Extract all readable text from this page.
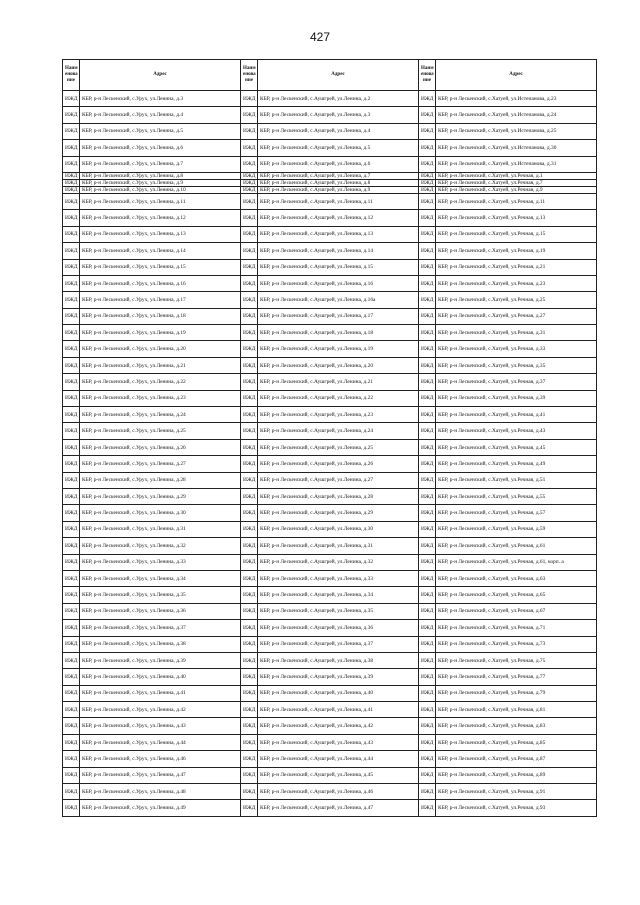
427
Наим енова ние	Адрес
ИЖД	КБР, р-н Лескенский, с.Урух, ул.Ленина, д.3
ИЖД	КБР, р-н Лескенский, с.Урух, ул.Ленина, д.4
ИЖД	КБР, р-н Лескенский, с.Урух, ул.Ленина, д.5
ИЖД	КБР, р-н Лескенский, с.Урух, ул.Ленина, д.6
ИЖД	КБР, р-н Лескенский, с.Урух, ул.Ленина, д.7
ИЖД	КБР, р-н Лескенский, с.Урух, ул.Ленина, д.8
ИЖД	КБР, р-н Лескенский, с.Урух, ул.Ленина, д.9
ИЖД	КБР, р-н Лескенский, с.Урух, ул.Ленина, д.10
ИЖД	КБР, р-н Лескенский, с.Урух, ул.Ленина, д.11
ИЖД	КБР, р-н Лескенский, с.Урух, ул.Ленина, д.12
ИЖД	КБР, р-н Лескенский, с.Урух, ул.Ленина, д.13
ИЖД	КБР, р-н Лескенский, с.Урух, ул.Ленина, д.14
ИЖД	КБР, р-н Лескенский, с.Урух, ул.Ленина, д.15
ИЖД	КБР, р-н Лескенский, с.Урух, ул.Ленина, д.16
ИЖД	КБР, р-н Лескенский, с.Урух, ул.Ленина, д.17
ИЖД	КБР, р-н Лескенский, с.Урух, ул.Ленина, д.18
ИЖД	КБР, р-н Лескенский, с.Урух, ул.Ленина, д.19
ИЖД	КБР, р-н Лескенский, с.Урух, ул.Ленина, д.20
ИЖД	КБР, р-н Лескенский, с.Урух, ул.Ленина, д.21
ИЖД	КБР, р-н Лескенский, с.Урух, ул.Ленина, д.22
ИЖД	КБР, р-н Лескенский, с.Урух, ул.Ленина, д.23
ИЖД	КБР, р-н Лескенский, с.Урух, ул.Ленина, д.24
ИЖД	КБР, р-н Лескенский, с.Урух, ул.Ленина, д.25
ИЖД	КБР, р-н Лескенский, с.Урух, ул.Ленина, д.26
ИЖД	КБР, р-н Лескенский, с.Урух, ул.Ленина, д.27
ИЖД	КБР, р-н Лескенский, с.Урух, ул.Ленина, д.28
ИЖД	КБР, р-н Лескенский, с.Урух, ул.Ленина, д.29
ИЖД	КБР, р-н Лескенский, с.Урух, ул.Ленина, д.30
ИЖД	КБР, р-н Лескенский, с.Урух, ул.Ленина, д.31
ИЖД	КБР, р-н Лескенский, с.Урух, ул.Ленина, д.32
ИЖД	КБР, р-н Лескенский, с.Урух, ул.Ленина, д.33
ИЖД	КБР, р-н Лескенский, с.Урух, ул.Ленина, д.34
ИЖД	КБР, р-н Лескенский, с.Урух, ул.Ленина, д.35
ИЖД	КБР, р-н Лескенский, с.Урух, ул.Ленина, д.36
ИЖД	КБР, р-н Лескенский, с.Урух, ул.Ленина, д.37
ИЖД	КБР, р-н Лескенский, с.Урух, ул.Ленина, д.38
ИЖД	КБР, р-н Лескенский, с.Урух, ул.Ленина, д.39
ИЖД	КБР, р-н Лескенский, с.Урух, ул.Ленина, д.40
ИЖД	КБР, р-н Лескенский, с.Урух, ул.Ленина, д.41
ИЖД	КБР, р-н Лескенский, с.Урух, ул.Ленина, д.42
ИЖД	КБР, р-н Лескенский, с.Урух, ул.Ленина, д.43
ИЖД	КБР, р-н Лескенский, с.Урух, ул.Ленина, д.44
ИЖД	КБР, р-н Лескенский, с.Урух, ул.Ленина, д.46
ИЖД	КБР, р-н Лескенский, с.Урух, ул.Ленина, д.47
ИЖД	КБР, р-н Лескенский, с.Урух, ул.Ленина, д.48
ИЖД	КБР, р-н Лескенский, с.Урух, ул.Ленина, д.49
Наим енова ние	Адрес
ИЖД	КБР, р-н Лескенский, с.Аушгрей, ул.Ленина, д.2
ИЖД	КБР, р-н Лескенский, с.Аушгрей, ул.Ленина, д.3
ИЖД	КБР, р-н Лескенский, с.Аушгрей, ул.Ленина, д.4
ИЖД	КБР, р-н Лескенский, с.Аушгрей, ул.Ленина, д.5
ИЖД	КБР, р-н Лескенский, с.Аушгрей, ул.Ленина, д.6
ИЖД	КБР, р-н Лескенский, с.Аушгрей, ул.Ленина, д.7
ИЖД	КБР, р-н Лескенский, с.Аушгрей, ул.Ленина, д.8
ИЖД	КБР, р-н Лескенский, с.Аушгрей, ул.Ленина, д.9
ИЖД	КБР, р-н Лескенский, с.Аушгрей, ул.Ленина, д.11
ИЖД	КБР, р-н Лескенский, с.Аушгрей, ул.Ленина, д.12
ИЖД	КБР, р-н Лескенский, с.Аушгрей, ул.Ленина, д.13
ИЖД	КБР, р-н Лескенский, с.Аушгрей, ул.Ленина, д.14
ИЖД	КБР, р-н Лескенский, с.Аушгрей, ул.Ленина, д.15
ИЖД	КБР, р-н Лескенский, с.Аушгрей, ул.Ленина, д.16
ИЖД	КБР, р-н Лескенский, с.Аушгрей, ул.Ленина, д.16а
ИЖД	КБР, р-н Лескенский, с.Аушгрей, ул.Ленина, д.17
ИЖД	КБР, р-н Лескенский, с.Аушгрей, ул.Ленина, д.18
ИЖД	КБР, р-н Лескенский, с.Аушгрей, ул.Ленина, д.19
ИЖД	КБР, р-н Лескенский, с.Аушгрей, ул.Ленина, д.20
ИЖД	КБР, р-н Лескенский, с.Аушгрей, ул.Ленина, д.21
ИЖД	КБР, р-н Лескенский, с.Аушгрей, ул.Ленина, д.22
ИЖД	КБР, р-н Лескенский, с.Аушгрей, ул.Ленина, д.23
ИЖД	КБР, р-н Лескенский, с.Аушгрей, ул.Ленина, д.24
ИЖД	КБР, р-н Лескенский, с.Аушгрей, ул.Ленина, д.25
ИЖД	КБР, р-н Лескенский, с.Аушгрей, ул.Ленина, д.26
ИЖД	КБР, р-н Лескенский, с.Аушгрей, ул.Ленина, д.27
ИЖД	КБР, р-н Лескенский, с.Аушгрей, ул.Ленина, д.28
ИЖД	КБР, р-н Лескенский, с.Аушгрей, ул.Ленина, д.29
ИЖД	КБР, р-н Лескенский, с.Аушгрей, ул.Ленина, д.30
ИЖД	КБР, р-н Лескенский, с.Аушгрей, ул.Ленина, д.31
ИЖД	КБР, р-н Лескенский, с.Аушгрей, ул.Ленина, д.32
ИЖД	КБР, р-н Лескенский, с.Аушгрей, ул.Ленина, д.33
ИЖД	КБР, р-н Лескенский, с.Аушгрей, ул.Ленина, д.34
ИЖД	КБР, р-н Лескенский, с.Аушгрей, ул.Ленина, д.35
ИЖД	КБР, р-н Лескенский, с.Аушгрей, ул.Ленина, д.36
ИЖД	КБР, р-н Лескенский, с.Аушгрей, ул.Ленина, д.37
ИЖД	КБР, р-н Лескенский, с.Аушгрей, ул.Ленина, д.38
ИЖД	КБР, р-н Лескенский, с.Аушгрей, ул.Ленина, д.39
ИЖД	КБР, р-н Лескенский, с.Аушгрей, ул.Ленина, д.40
ИЖД	КБР, р-н Лескенский, с.Аушгрей, ул.Ленина, д.41
ИЖД	КБР, р-н Лескенский, с.Аушгрей, ул.Ленина, д.42
ИЖД	КБР, р-н Лескенский, с.Аушгрей, ул.Ленина, д.43
ИЖД	КБР, р-н Лескенский, с.Аушгрей, ул.Ленина, д.44
ИЖД	КБР, р-н Лескенский, с.Аушгрей, ул.Ленина, д.45
ИЖД	КБР, р-н Лескенский, с.Аушгрей, ул.Ленина, д.46
ИЖД	КБР, р-н Лескенский, с.Аушгрей, ул.Ленина, д.47
Наим енова ние	Адрес
ИЖД	КБР, р-н Лескенский, с.Хатуей, ул.Истепанова, д.23
ИЖД	КБР, р-н Лескенский, с.Хатуей, ул.Истепанова, д.24
ИЖД	КБР, р-н Лескенский, с.Хатуей, ул.Истепанова, д.25
ИЖД	КБР, р-н Лескенский, с.Хатуей, ул.Истепанова, д.30
ИЖД	КБР, р-н Лескенский, с.Хатуей, ул.Истепанова, д.31
ИЖД	КБР, р-н Лескенский, с.Хатуей, ул.Речная, д.1
ИЖД	КБР, р-н Лескенский, с.Хатуей, ул.Речная, д.7
ИЖД	КБР, р-н Лескенский, с.Хатуей, ул.Речная, д.9
ИЖД	КБР, р-н Лескенский, с.Хатуей, ул.Речная, д.11
ИЖД	КБР, р-н Лескенский, с.Хатуей, ул.Речная, д.13
ИЖД	КБР, р-н Лескенский, с.Хатуей, ул.Речная, д.15
ИЖД	КБР, р-н Лескенский, с.Хатуей, ул.Речная, д.19
ИЖД	КБР, р-н Лескенский, с.Хатуей, ул.Речная, д.21
ИЖД	КБР, р-н Лескенский, с.Хатуей, ул.Речная, д.23
ИЖД	КБР, р-н Лескенский, с.Хатуей, ул.Речная, д.25
ИЖД	КБР, р-н Лескенский, с.Хатуей, ул.Речная, д.27
ИЖД	КБР, р-н Лескенский, с.Хатуей, ул.Речная, д.31
ИЖД	КБР, р-н Лескенский, с.Хатуей, ул.Речная, д.33
ИЖД	КБР, р-н Лескенский, с.Хатуей, ул.Речная, д.35
ИЖД	КБР, р-н Лескенский, с.Хатуей, ул.Речная, д.37
ИЖД	КБР, р-н Лескенский, с.Хатуей, ул.Речная, д.39
ИЖД	КБР, р-н Лескенский, с.Хатуей, ул.Речная, д.41
ИЖД	КБР, р-н Лескенский, с.Хатуей, ул.Речная, д.43
ИЖД	КБР, р-н Лескенский, с.Хатуей, ул.Речная, д.45
ИЖД	КБР, р-н Лескенский, с.Хатуей, ул.Речная, д.49
ИЖД	КБР, р-н Лескенский, с.Хатуей, ул.Речная, д.51
ИЖД	КБР, р-н Лескенский, с.Хатуей, ул.Речная, д.55
ИЖД	КБР, р-н Лескенский, с.Хатуей, ул.Речная, д.57
ИЖД	КБР, р-н Лескенский, с.Хатуей, ул.Речная, д.59
ИЖД	КБР, р-н Лескенский, с.Хатуей, ул.Речная, д.61
ИЖД	КБР, р-н Лескенский, с.Хатуей, ул.Речная, д.61, корп. а
ИЖД	КБР, р-н Лескенский, с.Хатуей, ул.Речная, д.63
ИЖД	КБР, р-н Лескенский, с.Хатуей, ул.Речная, д.65
ИЖД	КБР, р-н Лескенский, с.Хатуей, ул.Речная, д.67
ИЖД	КБР, р-н Лескенский, с.Хатуей, ул.Речная, д.71
ИЖД	КБР, р-н Лескенский, с.Хатуей, ул.Речная, д.73
ИЖД	КБР, р-н Лескенский, с.Хатуей, ул.Речная, д.75
ИЖД	КБР, р-н Лескенский, с.Хатуей, ул.Речная, д.77
ИЖД	КБР, р-н Лескенский, с.Хатуей, ул.Речная, д.79
ИЖД	КБР, р-н Лескенский, с.Хатуей, ул.Речная, д.81
ИЖД	КБР, р-н Лескенский, с.Хатуей, ул.Речная, д.83
ИЖД	КБР, р-н Лескенский, с.Хатуей, ул.Речная, д.85
ИЖД	КБР, р-н Лескенский, с.Хатуей, ул.Речная, д.87
ИЖД	КБР, р-н Лескенский, с.Хатуей, ул.Речная, д.89
ИЖД	КБР, р-н Лескенский, с.Хатуей, ул.Речная, д.91
ИЖД	КБР, р-н Лескенский, с.Хатуей, ул.Речная, д.93
